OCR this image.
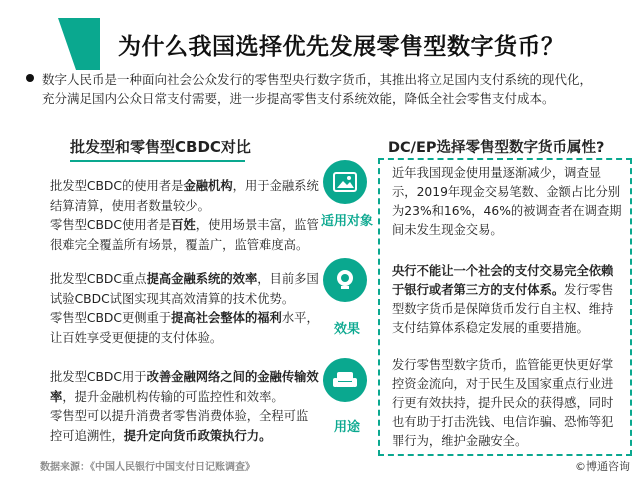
为什么我国选择优先发展零售型数字货币？
数字人民币是一种面向社会公众发行的零售型央行数字货币，其推出将立足国内支付系统的现代化，充分满足国内公众日常支付需要，进一步提高零售支付系统效能，降低全社会零售支付成本。
批发型和零售型CBDC对比
批发型CBDC的使用者是金融机构，用于金融系统结算清算，使用者数量较少。
零售型CBDC使用者是百姓，使用场景丰富，监管很难完全覆盖所有场景，覆盖广，监管难度高。
批发型CBDC重点提高金融系统的效率，目前多国试验CBDC试图实现其高效清算的技术优势。
零售型CBDC更侧重于提高社会整体的福利水平，让百姓享受更便捷的支付体验。
批发型CBDC用于改善金融网络之间的金融传输效率，提升金融机构传输的可监控性和效率。
零售型可以提升消费者零售消费体验，全程可监控可追溯性，提升定向货币政策执行力。
适用对象
效果
用途
DC/EP选择零售型数字货币属性?
近年我国现金使用量逐渐减少，调查显示，2019年现金交易笔数、金额占比分别为23%和16%，46%的被调查者在调查期间未发生现金交易。
央行不能让一个社会的支付交易完全依赖于银行或者第三方的支付体系。发行零售型数字货币是保障货币发行自主权、维持支付结算体系稳定发展的重要措施。
发行零售型数字货币，监管能更快更好掌控资金流向，对于民生及国家重点行业进行更有效扶持，提升民众的获得感，同时也有助于打击洗钱、电信诈骗、恐怖等犯罪行为，维护金融安全。
数据来源：《中国人民银行中国支付日记账调查》	©博通咨询
